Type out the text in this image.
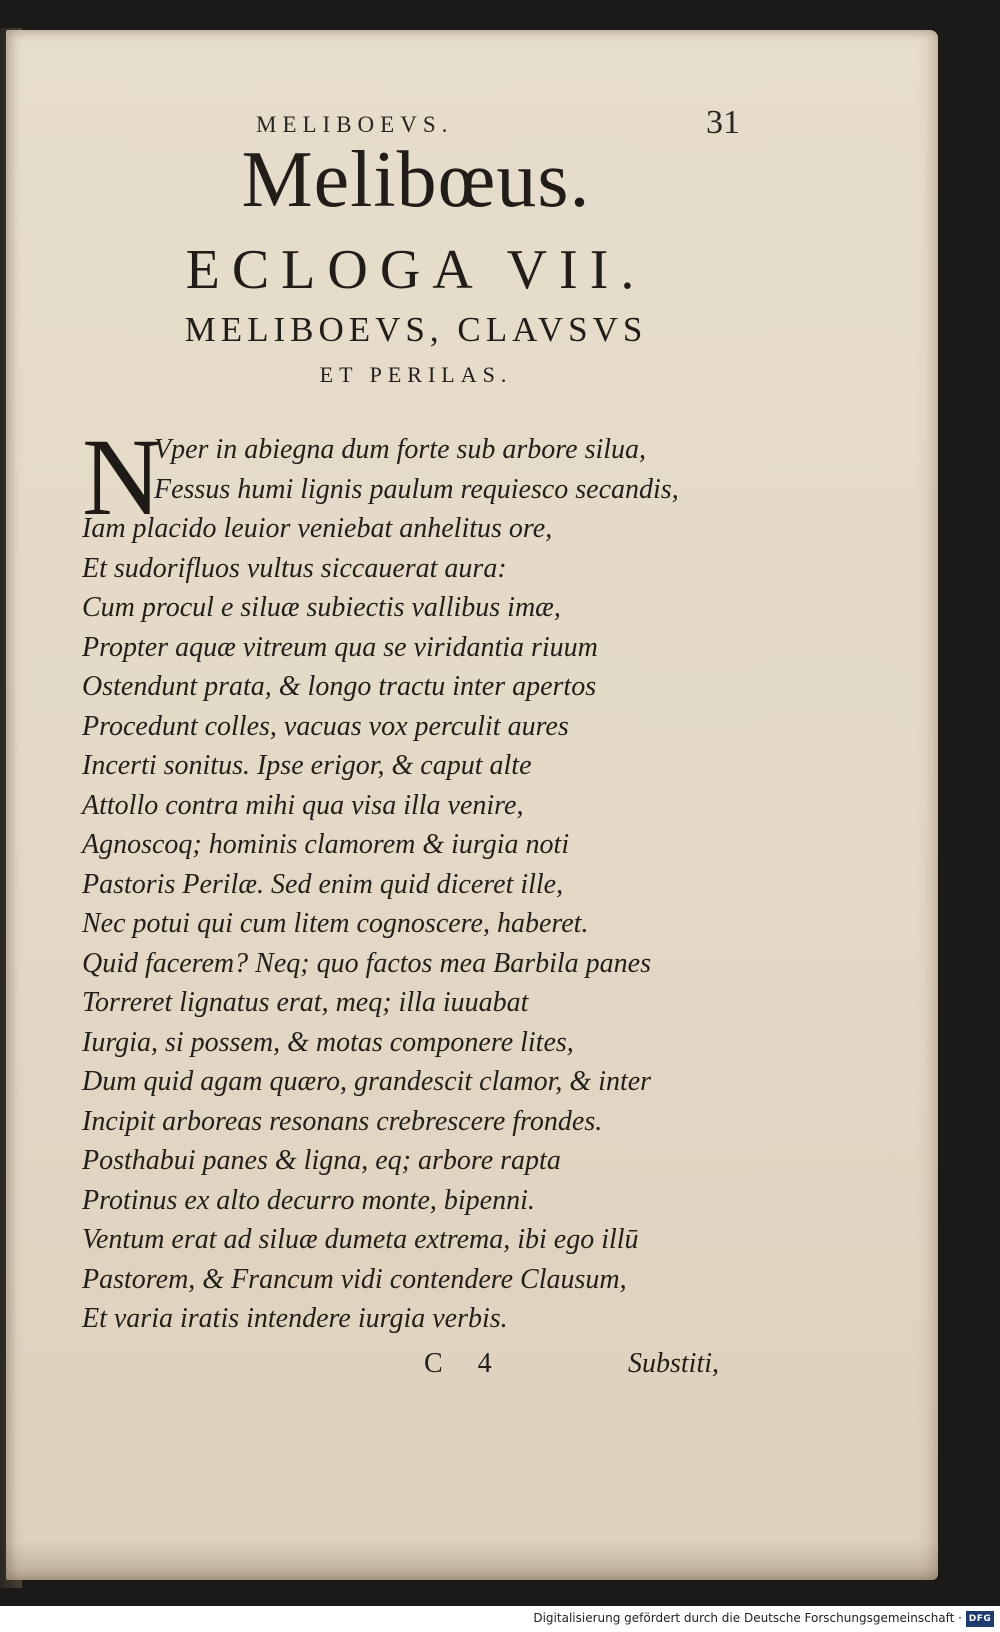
MELIBOEVS.	31
Melibœus.
ECLOGA VII.
MELIBOEVS, CLAVSVS
ET PERILAS.
N
Vper in abiegna dum forte sub arbore silua,
Fessus humi lignis paulum requiesco secandis,
Iam placido leuior veniebat anhelitus ore,
Et sudorifluos vultus siccauerat aura:
Cum procul e siluæ subiectis vallibus imæ,
Propter aquæ vitreum qua se viridantia riuum
Ostendunt prata, & longo tractu inter apertos
Procedunt colles, vacuas vox perculit aures
Incerti sonitus. Ipse erigor, & caput alte
Attollo contra mihi qua visa illa venire,
Agnoscoq; hominis clamorem & iurgia noti
Pastoris Perilæ. Sed enim quid diceret ille,
Nec potui qui cum litem cognoscere, haberet.
Quid facerem? Neq; quo factos mea Barbila panes
Torreret lignatus erat, meq; illa iuuabat
Iurgia, si possem, & motas componere lites,
Dum quid agam quæro, grandescit clamor, & inter
Incipit arboreas resonans crebrescere frondes.
Posthabui panes & ligna, eq; arbore rapta
Protinus ex alto decurro monte, bipenni.
Ventum erat ad siluæ dumeta extrema, ibi ego illū
Pastorem, & Francum vidi contendere Clausum,
Et varia iratis intendere iurgia verbis.
C 4	Substiti,
Digitalisierung gefördert durch die Deutsche Forschungsgemeinschaft · DFG
